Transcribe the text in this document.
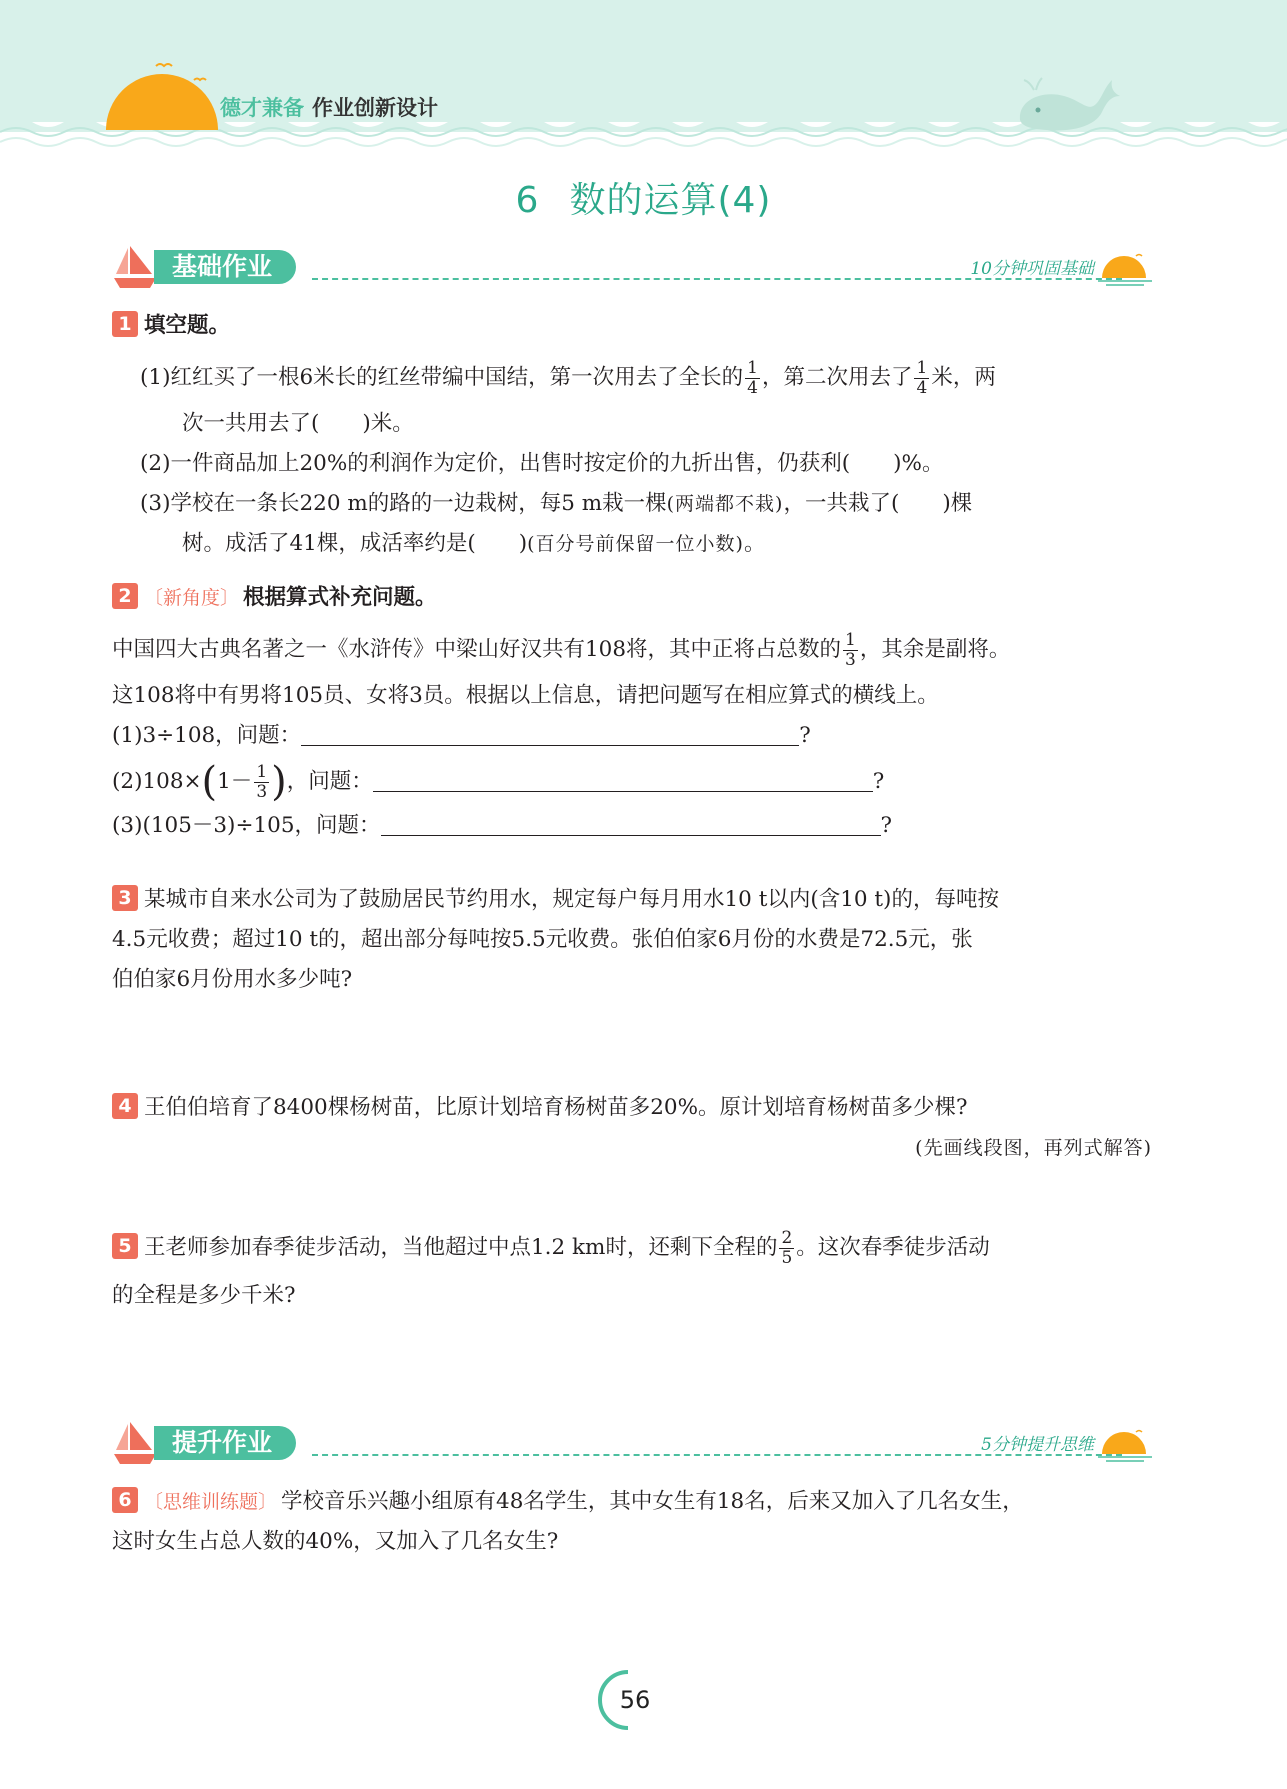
德才兼备 作业创新设计
6 数的运算(4)
基础作业	10分钟巩固基础
1 填空题。
(1)红红买了一根6米长的红丝带编中国结，第一次用去了全长的 $\frac{1}{4}$ ，第二次用去了 $\frac{1}{4}$ 米，两
次一共用去了(　　)米。
(2)一件商品加上20%的利润作为定价，出售时按定价的九折出售，仍获利(　　)%。
(3)学校在一条长220 m的路的一边栽树，每5 m栽一棵(两端都不栽)，一共栽了(　　)棵
树。成活了41棵，成活率约是(　　)(百分号前保留一位小数)。
2 〔新角度〕 根据算式补充问题。
中国四大古典名著之一《水浒传》中梁山好汉共有108将，其中正将占总数的 $\frac{1}{3}$ ，其余是副将。
这108将中有男将105员、女将3员。根据以上信息，请把问题写在相应算式的横线上。
(1)3÷108，问题：	?
$(2)108\times(1- \frac{1}{3}$ )，问题：	?
(3)(105－3)÷105，问题：	?
3 某城市自来水公司为了鼓励居民节约用水，规定每户每月用水10 t以内(含10 t)的，每吨按
4.5元收费；超过10 t的，超出部分每吨按5.5元收费。张伯伯家6月份的水费是72.5元，张
伯伯家6月份用水多少吨?
4 王伯伯培育了8400棵杨树苗，比原计划培育杨树苗多20%。原计划培育杨树苗多少棵?
(先画线段图，再列式解答)
5 王老师参加春季徒步活动，当他超过中点1.2 km时，还剩下全程的 $\frac{2}{5}$ 。这次春季徒步活动
的全程是多少千米?
提升作业	5分钟提升思维
6 〔思维训练题〕 学校音乐兴趣小组原有48名学生，其中女生有18名，后来又加入了几名女生，
这时女生占总人数的40%，又加入了几名女生?
56
